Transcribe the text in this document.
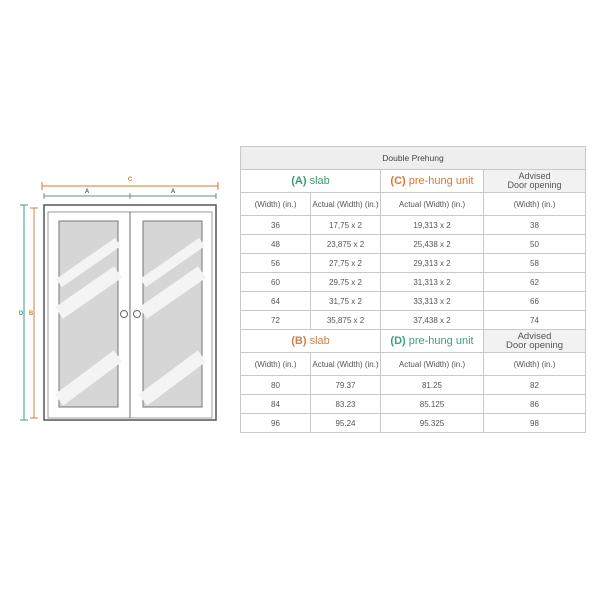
C
A	A
D B
Double Prehung			
(A) slab		(C) pre-hung unit	Advised
Door opening

(Width) (in.)	Actual (Width) (in.)	Actual (Width) (in.)	(Width) (in.)
36	17,75 x 2	19,313 x 2	38
48	23,875 x 2	25,438 x 2	50
56	27,75 x 2	29,313 x 2	58
60	29,75 x 2	31,313 x 2	62
64	31,75 x 2	33,313 x 2	66
72	35,875 x 2	37,438 x 2	74
(B) slab		(D) pre-hung unit	Advised
Door opening

(Width) (in.)	Actual (Width) (in.)	Actual (Width) (in.)	(Width) (in.)
80	79.37	81.25	82
84	83.23	85.125	86
96	95.24	95.325	98
